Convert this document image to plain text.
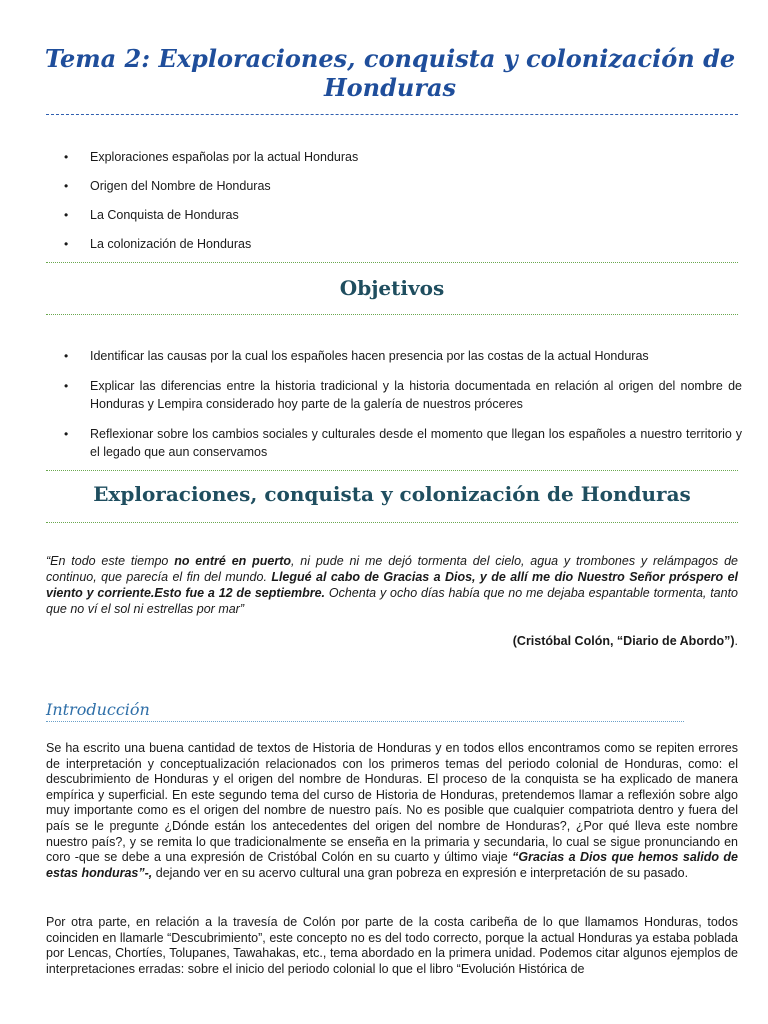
Tema 2: Exploraciones, conquista y colonización de Honduras
• Exploraciones españolas por la actual Honduras
• Origen del Nombre de Honduras
• La Conquista de Honduras
• La colonización de Honduras
Objetivos
• Identificar las causas por la cual los españoles hacen presencia por las costas de la actual Honduras
• Explicar las diferencias entre la historia tradicional y la historia documentada en relación al origen del nombre de Honduras y Lempira considerado hoy parte de la galería de nuestros próceres
• Reflexionar sobre los cambios sociales y culturales desde el momento que llegan los españoles a nuestro territorio y el legado que aun conservamos
Exploraciones, conquista y colonización de Honduras
“En todo este tiempo no entré en puerto, ni pude ni me dejó tormenta del cielo, agua y trombones y relámpagos de continuo, que parecía el fin del mundo. Llegué al cabo de Gracias a Dios, y de allí me dio Nuestro Señor próspero el viento y corriente.Esto fue a 12 de septiembre. Ochenta y ocho días había que no me dejaba espantable tormenta, tanto que no ví el sol ni estrellas por mar”
(Cristóbal Colón, “Diario de Abordo”).
Introducción

Se ha escrito una buena cantidad de textos de Historia de Honduras y en todos ellos encontramos como se repiten errores de interpretación y conceptualización relacionados con los primeros temas del periodo colonial de Honduras, como: el descubrimiento de Honduras y el origen del nombre de Honduras. El proceso de la conquista se ha explicado de manera empírica y superficial. En este segundo tema del curso de Historia de Honduras, pretendemos llamar a reflexión sobre algo muy importante como es el origen del nombre de nuestro país. No es posible que cualquier compatriota dentro y fuera del país se le pregunte ¿Dónde están los antecedentes del origen del nombre de Honduras?, ¿Por qué lleva este nombre nuestro país?, y se remita lo que tradicionalmente se enseña en la primaria y secundaria, lo cual se sigue pronunciando en coro -que se debe a una expresión de Cristóbal Colón en su cuarto y último viaje “Gracias a Dios que hemos salido de estas honduras”-, dejando ver en su acervo cultural una gran pobreza en expresión e interpretación de su pasado.

Por otra parte, en relación a la travesía de Colón por parte de la costa caribeña de lo que llamamos Honduras, todos coinciden en llamarle “Descubrimiento”, este concepto no es del todo correcto, porque la actual Honduras ya estaba poblada por Lencas, Chortíes, Tolupanes, Tawahakas, etc., tema abordado en la primera unidad. Podemos citar algunos ejemplos de interpretaciones erradas: sobre el inicio del periodo colonial lo que el libro “Evolución Histórica de
